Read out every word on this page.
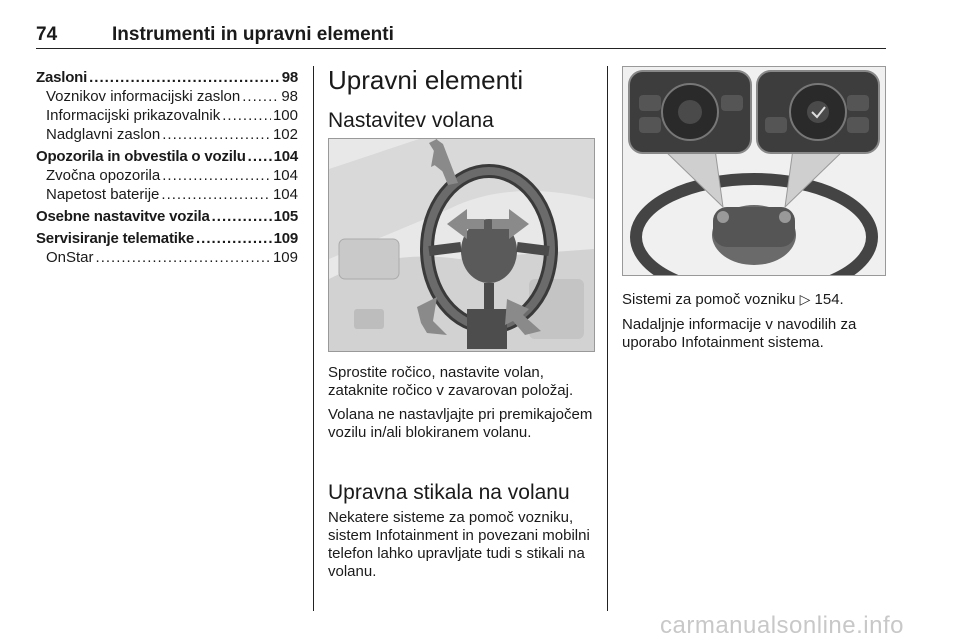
74	Instrumenti in upravni elementi
Zasloni .....	98
Voznikov informacijski zaslon .....	98
Informacijski prikazovalnik .....	100
Nadglavni zaslon .....	102
Opozorila in obvestila o vozilu ..... 104
Zvočna opozorila .....	104
Napetost baterije .....	104
Osebne nastavitve vozila .....	105
Servisiranje telematike .....	109
OnStar .....	109
Upravni elementi
Nastavitev volana

Sprostite ročico, nastavite volan, zataknite ročico v zavarovan položaj.

Volana ne nastavljajte pri premikajočem vozilu in/ali blokiranem volanu.

Upravna stikala na volanu

Nekatere sisteme za pomoč vozniku, sistem Infotainment in povezani mobilni telefon lahko upravljate tudi s stikali na volanu.

Sistemi za pomoč vozniku ▷ 154.

Nadaljnje informacije v navodilih za uporabo Infotainment sistema.

carmanualsonline.info
